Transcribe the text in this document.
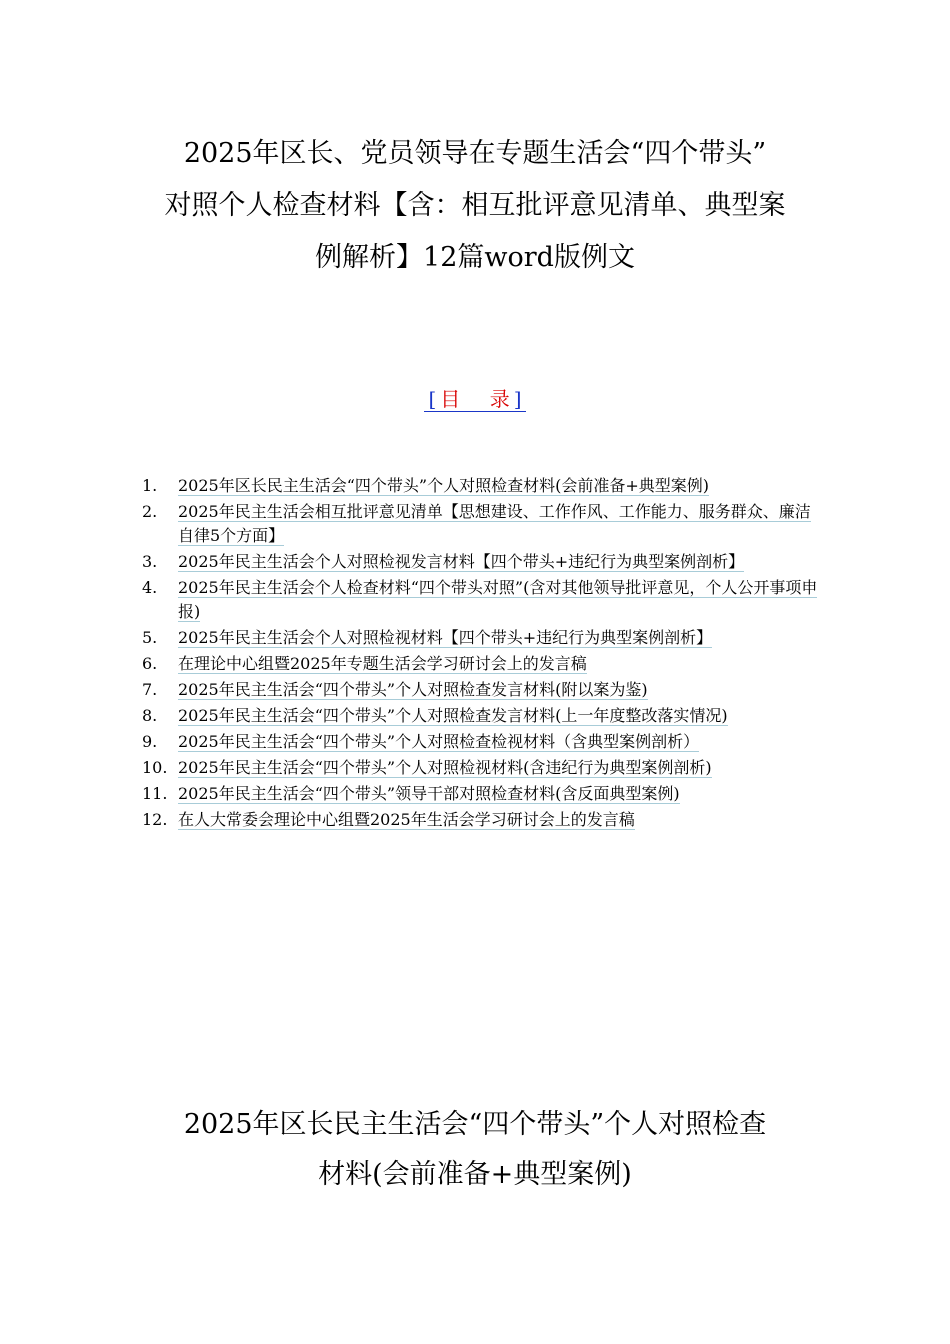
2025年区长、党员领导在专题生活会“四个带头”
对照个人检查材料【含：相互批评意见清单、典型案
例解析】12篇word版例文
[ 目 录 ]
1.	2025年区长民主生活会“四个带头”个人对照检查材料(会前准备+典型案例)
2.	2025年民主生活会相互批评意见清单【思想建设、工作作风、工作能力、服务群众、廉洁自律5个方面】
3.	2025年民主生活会个人对照检视发言材料【四个带头+违纪行为典型案例剖析】
4.	2025年民主生活会个人检查材料“四个带头对照”(含对其他领导批评意见，个人公开事项申报)
5.	2025年民主生活会个人对照检视材料【四个带头+违纪行为典型案例剖析】
6.	在理论中心组暨2025年专题生活会学习研讨会上的发言稿
7.	2025年民主生活会“四个带头”个人对照检查发言材料(附以案为鉴)
8.	2025年民主生活会“四个带头”个人对照检查发言材料(上一年度整改落实情况)
9.	2025年民主生活会“四个带头”个人对照检查检视材料（含典型案例剖析）
10. 2025年民主生活会“四个带头”个人对照检视材料(含违纪行为典型案例剖析)
11. 2025年民主生活会“四个带头”领导干部对照检查材料(含反面典型案例)
12. 在人大常委会理论中心组暨2025年生活会学习研讨会上的发言稿
2025年区长民主生活会“四个带头”个人对照检查
材料(会前准备+典型案例)
